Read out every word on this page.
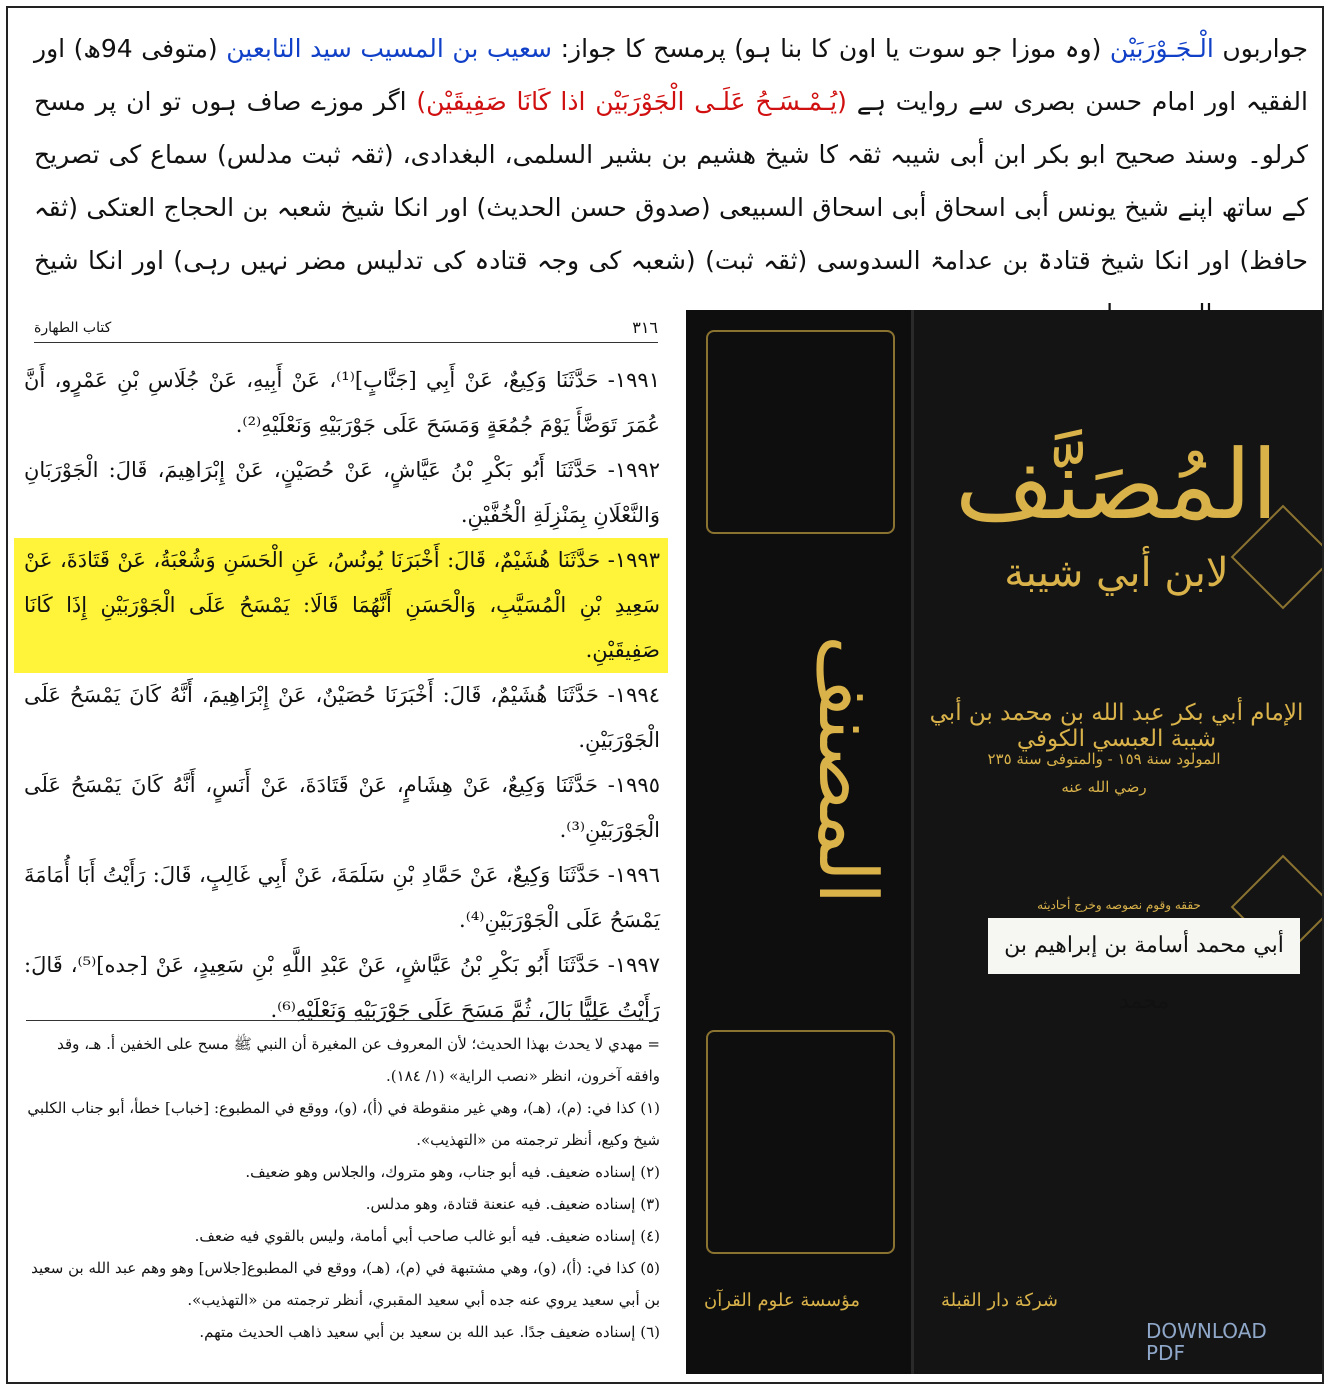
جواربوں الْـجَـوْرَبَيْن (وہ موزا جو سوت یا اون کا بنا ہو) پرمسح کا جواز: سعیب بن المسیب سید التابعین (متوفی 94ھ) اور الفقیہ اور امام حسن بصری سے روایت ہے (یُـمْـسَـحُ عَلَـى الْجَوْرَبَيْن اذا كَانَا صَفِيقَيْن) اگر موزے صاف ہوں تو ان پر مسح کرلو۔ وسند صحیح ابو بکر ابن أبی شیبہ ثقہ کا شیخ ھشیم بن بشیر السلمی، البغدادی، (ثقہ ثبت مدلس) سماع کی تصریح کے ساتھ اپنے شیخ یونس أبی اسحاق أبی اسحاق السبیعی (صدوق حسن الحدیث) اور انکا شیخ شعبہ بن الحجاج العتکی (ثقہ حافظ) اور انکا شیخ قتادۃ بن عدامۃ السدوسی (ثقہ ثبت) (شعبہ کی وجہ قتادہ کی تدلیس مضر نہیں رہی) اور انکا شیخ
٣١٦
كتاب الطهارة

١٩٩١- حَدَّثَنَا وَكِيعٌ، عَنْ أَبِي [جَنَّابٍ]⁽¹⁾، عَنْ أَبِيهِ، عَنْ جُلَاسِ بْنِ عَمْرٍو، أَنَّ عُمَرَ تَوَضَّأَ يَوْمَ جُمُعَةٍ وَمَسَحَ عَلَى جَوْرَبَيْهِ وَنَعْلَيْهِ⁽²⁾.

١٩٩٢- حَدَّثَنَا أَبُو بَكْرِ بْنُ عَيَّاشٍ، عَنْ حُصَيْنٍ، عَنْ إِبْرَاهِيمَ، قَالَ: الْجَوْرَبَانِ وَالنَّعْلَانِ بِمَنْزِلَةِ الْخُفَّيْنِ.

١٩٩٣- حَدَّثَنَا هُشَيْمٌ، قَالَ: أَخْبَرَنَا يُونُسُ، عَنِ الْحَسَنِ وَشُعْبَةُ، عَنْ قَتَادَةَ، عَنْ سَعِيدِ بْنِ الْمُسَيَّبِ، وَالْحَسَنِ أَنَّهُمَا قَالَا: يَمْسَحُ عَلَى الْجَوْرَبَيْنِ إِذَا كَانَا صَفِيقَيْنِ.

١٩٩٤- حَدَّثَنَا هُشَيْمٌ، قَالَ: أَخْبَرَنَا حُصَيْنٌ، عَنْ إِبْرَاهِيمَ، أَنَّهُ كَانَ يَمْسَحُ عَلَى الْجَوْرَبَيْنِ.

١٩٩٥- حَدَّثَنَا وَكِيعٌ، عَنْ هِشَامٍ، عَنْ قَتَادَةَ، عَنْ أَنَسٍ، أَنَّهُ كَانَ يَمْسَحُ عَلَى الْجَوْرَبَيْنِ⁽³⁾.

١٩٩٦- حَدَّثَنَا وَكِيعٌ، عَنْ حَمَّادِ بْنِ سَلَمَةَ، عَنْ أَبِي غَالِبٍ، قَالَ: رَأَيْتُ أَبَا أُمَامَةَ يَمْسَحُ عَلَى الْجَوْرَبَيْنِ⁽⁴⁾.

١٩٩٧- حَدَّثَنَا أَبُو بَكْرِ بْنُ عَيَّاشٍ، عَنْ عَبْدِ اللَّهِ بْنِ سَعِيدٍ، عَنْ [جده]⁽⁵⁾، قَالَ: رَأَيْتُ عَلِيًّا بَالَ، ثُمَّ مَسَحَ عَلَى جَوْرَبَيْهِ وَنَعْلَيْهِ⁽⁶⁾.

= مهدي لا يحدث بهذا الحديث؛ لأن المعروف عن المغيرة أن النبي ﷺ مسح على الخفين أ. هـ، وقد وافقه آخرون، انظر «نصب الراية» (١/ ١٨٤).

(١) كذا في: (م)، (هـ)، وهي غير منقوطة في (أ)، (و)، ووقع في المطبوع: [خباب] خطأ، أبو جناب الكلبي شيخ وكيع، أنظر ترجمته من «التهذيب».

(٢) إسناده ضعيف. فيه أبو جناب، وهو متروك، والجلاس وهو ضعيف.

(٣) إسناده ضعيف. فيه عنعنة قتادة، وهو مدلس.

(٤) إسناده ضعيف. فيه أبو غالب صاحب أبي أمامة، وليس بالقوي فيه ضعف.

(٥) كذا في: (أ)، (و)، وهي مشتبهة في (م)، (هـ)، ووقع في المطبوع[جلاس] وهو وهم عبد الله بن سعيد بن أبي سعيد يروي عنه جده أبي سعيد المقبري، أنظر ترجمته من «التهذيب».

(٦) إسناده ضعيف جدًا. عبد الله بن سعيد بن أبي سعيد ذاهب الحديث متهم.

المصنف
المُصَنَّف
لابن أبي شيبة
الإمام أبي بكر عبد الله بن محمد بن أبي شيبة العبسي الكوفي
المولود سنة ١٥٩ - والمتوفى سنة ٢٣٥
رضي الله عنه
حققه وقوم نصوصه وخرج أحاديثه
أبي محمد أسامة بن إبراهيم بن محمد
مؤسسة علوم القرآن	شركة دار القبلة
DOWNLOAD
PDF
